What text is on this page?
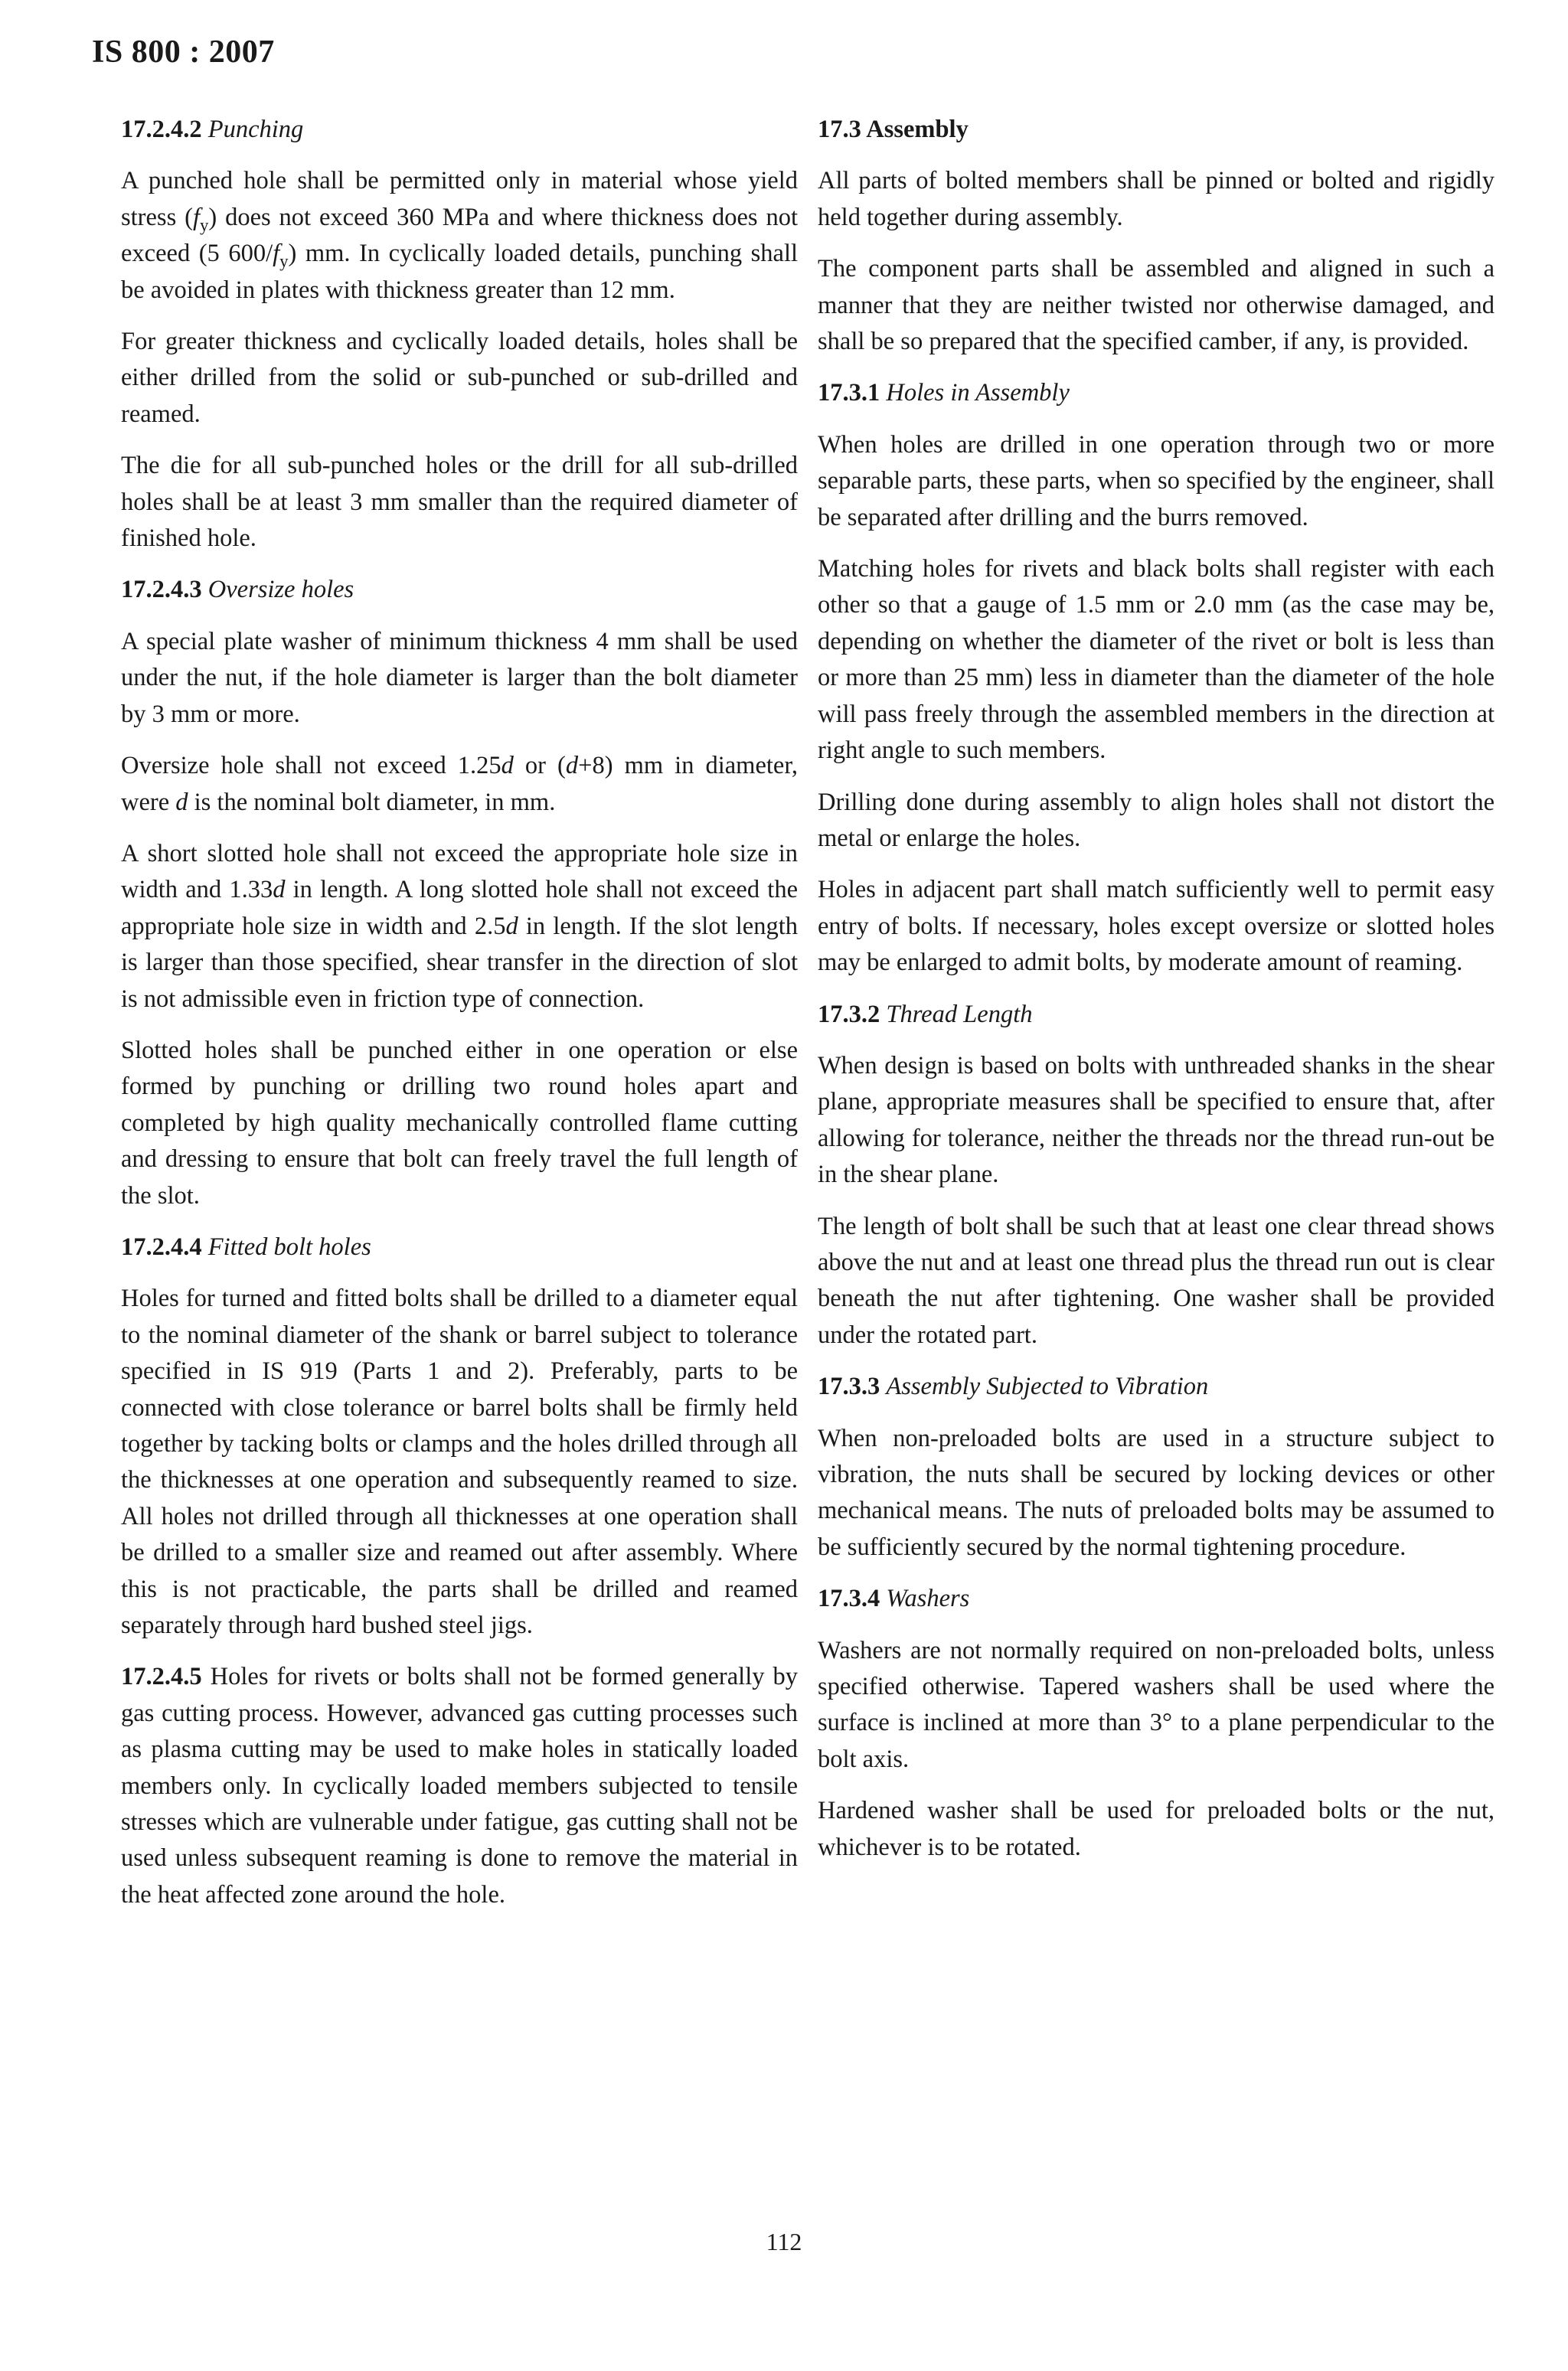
IS 800 : 2007
17.2.4.2 Punching

A punched hole shall be permitted only in material whose yield stress $(f_y)$ does not exceed 360 MPa and where thickness does not exceed (5 $600/f_y$) mm. In cyclically loaded details, punching shall be avoided in plates with thickness greater than 12 mm.

For greater thickness and cyclically loaded details, holes shall be either drilled from the solid or sub-punched or sub-drilled and reamed.

The die for all sub-punched holes or the drill for all sub-drilled holes shall be at least 3 mm smaller than the required diameter of finished hole.

17.2.4.3 Oversize holes

A special plate washer of minimum thickness 4 mm shall be used under the nut, if the hole diameter is larger than the bolt diameter by 3 mm or more.

Oversize hole shall not exceed 1.25d or (d+8) mm in diameter, were d is the nominal bolt diameter, in mm.

A short slotted hole shall not exceed the appropriate hole size in width and 1.33d in length. A long slotted hole shall not exceed the appropriate hole size in width and 2.5d in length. If the slot length is larger than those specified, shear transfer in the direction of slot is not admissible even in friction type of connection.

Slotted holes shall be punched either in one operation or else formed by punching or drilling two round holes apart and completed by high quality mechanically controlled flame cutting and dressing to ensure that bolt can freely travel the full length of the slot.

17.2.4.4 Fitted bolt holes

Holes for turned and fitted bolts shall be drilled to a diameter equal to the nominal diameter of the shank or barrel subject to tolerance specified in IS 919 (Parts 1 and 2). Preferably, parts to be connected with close tolerance or barrel bolts shall be firmly held together by tacking bolts or clamps and the holes drilled through all the thicknesses at one operation and subsequently reamed to size. All holes not drilled through all thicknesses at one operation shall be drilled to a smaller size and reamed out after assembly. Where this is not practicable, the parts shall be drilled and reamed separately through hard bushed steel jigs.

17.2.4.5 Holes for rivets or bolts shall not be formed generally by gas cutting process. However, advanced gas cutting processes such as plasma cutting may be used to make holes in statically loaded members only. In cyclically loaded members subjected to tensile stresses which are vulnerable under fatigue, gas cutting shall not be used unless subsequent reaming is done to remove the material in the heat affected zone around the hole.

17.3 Assembly

All parts of bolted members shall be pinned or bolted and rigidly held together during assembly.

The component parts shall be assembled and aligned in such a manner that they are neither twisted nor otherwise damaged, and shall be so prepared that the specified camber, if any, is provided.

17.3.1 Holes in Assembly

When holes are drilled in one operation through two or more separable parts, these parts, when so specified by the engineer, shall be separated after drilling and the burrs removed.

Matching holes for rivets and black bolts shall register with each other so that a gauge of 1.5 mm or 2.0 mm (as the case may be, depending on whether the diameter of the rivet or bolt is less than or more than 25 mm) less in diameter than the diameter of the hole will pass freely through the assembled members in the direction at right angle to such members.

Drilling done during assembly to align holes shall not distort the metal or enlarge the holes.

Holes in adjacent part shall match sufficiently well to permit easy entry of bolts. If necessary, holes except oversize or slotted holes may be enlarged to admit bolts, by moderate amount of reaming.

17.3.2 Thread Length

When design is based on bolts with unthreaded shanks in the shear plane, appropriate measures shall be specified to ensure that, after allowing for tolerance, neither the threads nor the thread run-out be in the shear plane.

The length of bolt shall be such that at least one clear thread shows above the nut and at least one thread plus the thread run out is clear beneath the nut after tightening. One washer shall be provided under the rotated part.

17.3.3 Assembly Subjected to Vibration

When non-preloaded bolts are used in a structure subject to vibration, the nuts shall be secured by locking devices or other mechanical means. The nuts of preloaded bolts may be assumed to be sufficiently secured by the normal tightening procedure.

17.3.4 Washers

Washers are not normally required on non-preloaded bolts, unless specified otherwise. Tapered washers shall be used where the surface is inclined at more than 3° to a plane perpendicular to the bolt axis.

Hardened washer shall be used for preloaded bolts or the nut, whichever is to be rotated.

112
